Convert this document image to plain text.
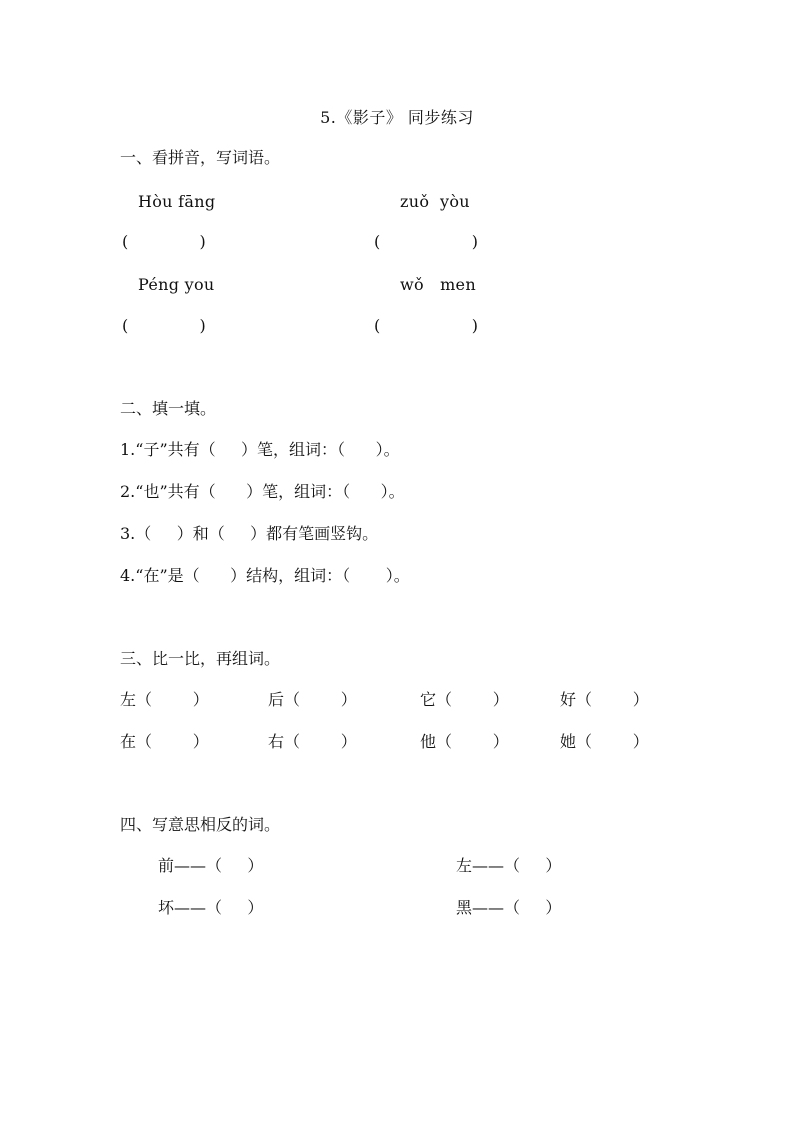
5.《影子》 同步练习
一、看拼音，写词语。
Hòu fāng	zuǒ  yòu
(              )	(                  )
Péng you	wǒ   men
(              )	(                  )
二、填一填。
1.“子”共有（     ）笔，组词：（      ）。
2.“也”共有（      ）笔，组词：（      ）。
3.（     ）和（     ）都有笔画竖钩。
4.“在”是（      ）结构，组词：（       ）。
三、比一比，再组词。
左（        ）	后（        ）	它（        ）	好（        ）
在（        ）	右（        ）	他（        ）	她（        ）
四、写意思相反的词。
前——（     ）	左——（     ）
坏——（     ）	黑——（     ）
